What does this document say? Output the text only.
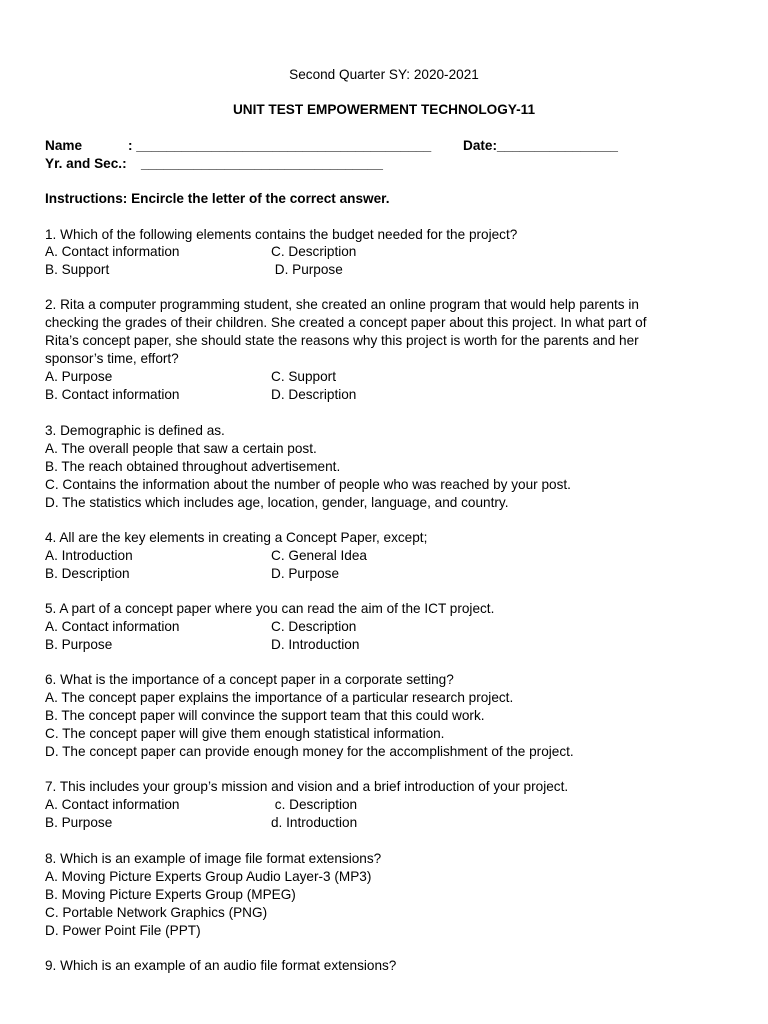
Second Quarter SY: 2020-2021
UNIT TEST EMPOWERMENT TECHNOLOGY-11
Name	: _______________________________________ Date:________________
Yr. and Sec.: ________________________________
Instructions: Encircle the letter of the correct answer.
1. Which of the following elements contains the budget needed for the project?
A. Contact information	C. Description
B. Support	D. Purpose
2. Rita a computer programming student, she created an online program that would help parents in
checking the grades of their children. She created a concept paper about this project. In what part of
Rita’s concept paper, she should state the reasons why this project is worth for the parents and her
sponsor’s time, effort?
A. Purpose	C. Support
B. Contact information	D. Description
3. Demographic is defined as.
A. The overall people that saw a certain post.
B. The reach obtained throughout advertisement.
C. Contains the information about the number of people who was reached by your post.
D. The statistics which includes age, location, gender, language, and country.
4. All are the key elements in creating a Concept Paper, except;
A. Introduction	C. General Idea
B. Description	D. Purpose
5. A part of a concept paper where you can read the aim of the ICT project.
A. Contact information	C. Description
B. Purpose	D. Introduction
6. What is the importance of a concept paper in a corporate setting?
A. The concept paper explains the importance of a particular research project.
B. The concept paper will convince the support team that this could work.
C. The concept paper will give them enough statistical information.
D. The concept paper can provide enough money for the accomplishment of the project.
7. This includes your group’s mission and vision and a brief introduction of your project.
A. Contact information	c. Description
B. Purpose	d. Introduction
8. Which is an example of image file format extensions?
A. Moving Picture Experts Group Audio Layer-3 (MP3)
B. Moving Picture Experts Group (MPEG)
C. Portable Network Graphics (PNG)
D. Power Point File (PPT)
9. Which is an example of an audio file format extensions?
